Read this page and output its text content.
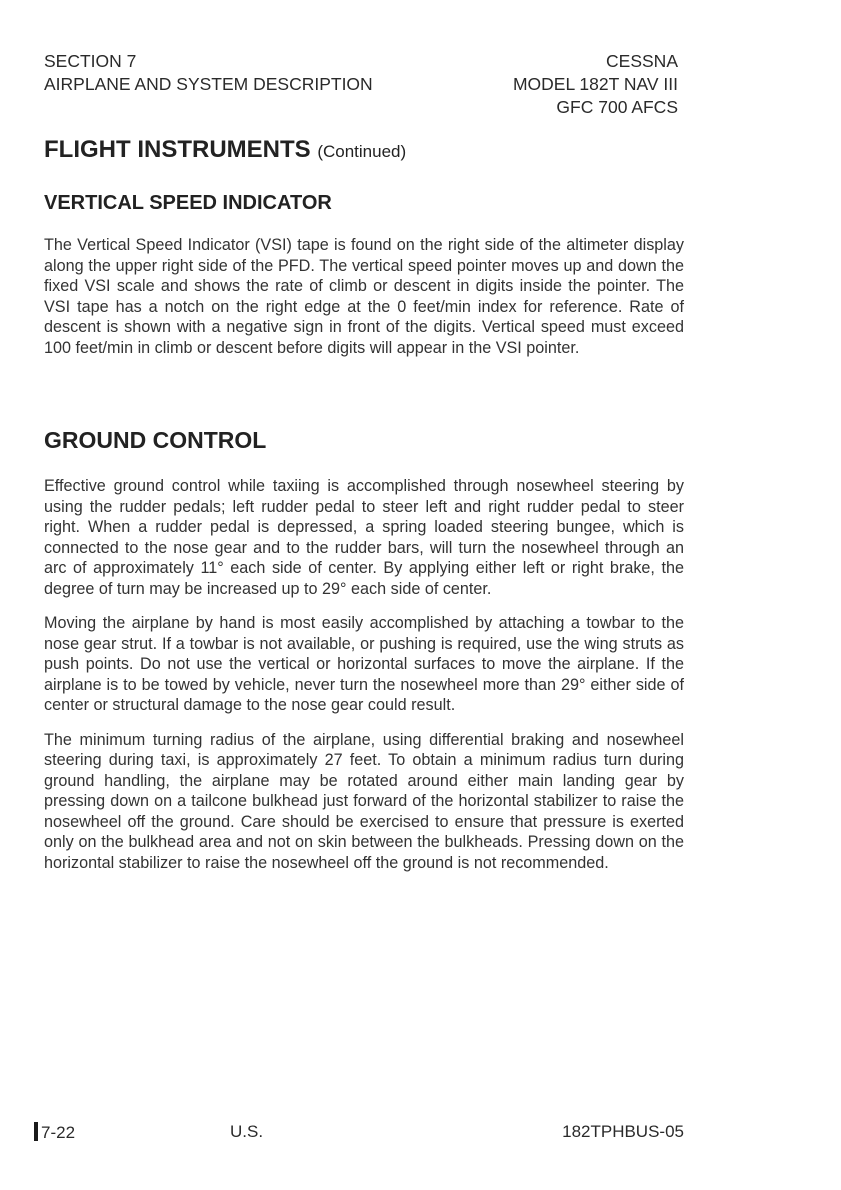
SECTION 7
AIRPLANE AND SYSTEM DESCRIPTION
CESSNA
MODEL 182T NAV III
GFC 700 AFCS
FLIGHT INSTRUMENTS (Continued)
VERTICAL SPEED INDICATOR

The Vertical Speed Indicator (VSI) tape is found on the right side of the altimeter display along the upper right side of the PFD. The vertical speed pointer moves up and down the fixed VSI scale and shows the rate of climb or descent in digits inside the pointer. The VSI tape has a notch on the right edge at the 0 feet/min index for reference. Rate of descent is shown with a negative sign in front of the digits. Vertical speed must exceed 100 feet/min in climb or descent before digits will appear in the VSI pointer.

GROUND CONTROL

Effective ground control while taxiing is accomplished through nosewheel steering by using the rudder pedals; left rudder pedal to steer left and right rudder pedal to steer right. When a rudder pedal is depressed, a spring loaded steering bungee, which is connected to the nose gear and to the rudder bars, will turn the nosewheel through an arc of approximately 11° each side of center. By applying either left or right brake, the degree of turn may be increased up to 29° each side of center.

Moving the airplane by hand is most easily accomplished by attaching a towbar to the nose gear strut. If a towbar is not available, or pushing is required, use the wing struts as push points. Do not use the vertical or horizontal surfaces to move the airplane. If the airplane is to be towed by vehicle, never turn the nosewheel more than 29° either side of center or structural damage to the nose gear could result.

The minimum turning radius of the airplane, using differential braking and nosewheel steering during taxi, is approximately 27 feet. To obtain a minimum radius turn during ground handling, the airplane may be rotated around either main landing gear by pressing down on a tailcone bulkhead just forward of the horizontal stabilizer to raise the nosewheel off the ground. Care should be exercised to ensure that pressure is exerted only on the bulkhead area and not on skin between the bulkheads. Pressing down on the horizontal stabilizer to raise the nosewheel off the ground is not recommended.

7-22	U.S.	182TPHBUS-05
